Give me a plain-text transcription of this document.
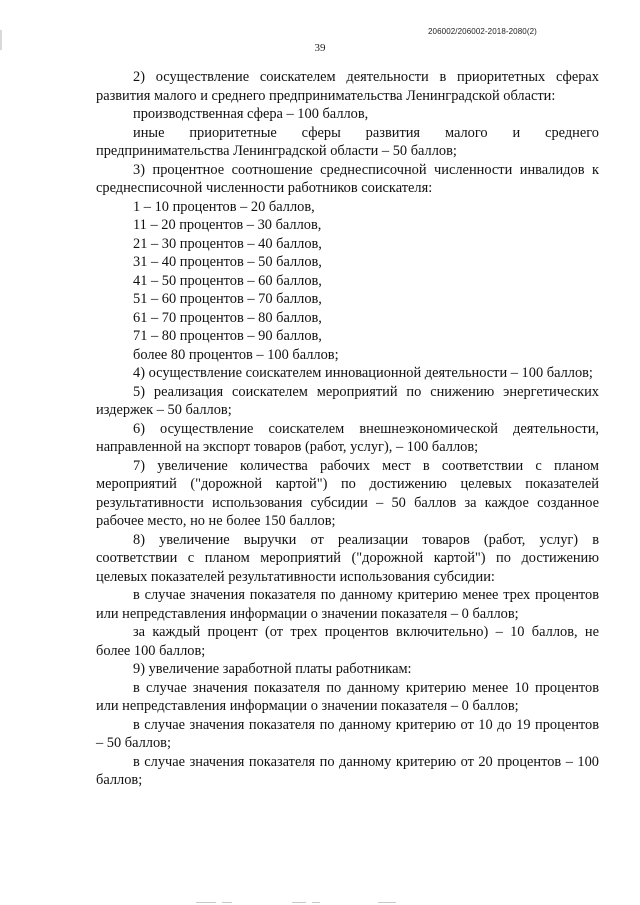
206002/206002-2018-2080(2)
39

2) осуществление соискателем деятельности в приоритетных сферах развития малого и среднего предпринимательства Ленинградской области:

производственная сфера – 100 баллов,

иные приоритетные сферы развития малого и среднего предпринимательства Ленинградской области – 50 баллов;

3) процентное соотношение среднесписочной численности инвалидов к среднесписочной численности работников соискателя:

1 – 10 процентов – 20 баллов,

11 – 20 процентов – 30 баллов,

21 – 30 процентов – 40 баллов,

31 – 40 процентов – 50 баллов,

41 – 50 процентов – 60 баллов,

51 – 60 процентов – 70 баллов,

61 – 70 процентов – 80 баллов,

71 – 80 процентов – 90 баллов,

более 80 процентов – 100 баллов;

4) осуществление соискателем инновационной деятельности – 100 баллов;

5) реализация соискателем мероприятий по снижению энергетических издержек – 50 баллов;

6) осуществление соискателем внешнеэкономической деятельности, направленной на экспорт товаров (работ, услуг), – 100 баллов;

7) увеличение количества рабочих мест в соответствии с планом мероприятий ("дорожной картой") по достижению целевых показателей результативности использования субсидии – 50 баллов за каждое созданное рабочее место, но не более 150 баллов;

8) увеличение выручки от реализации товаров (работ, услуг) в соответствии с планом мероприятий ("дорожной картой") по достижению целевых показателей результативности использования субсидии:

в случае значения показателя по данному критерию менее трех процентов или непредставления информации о значении показателя – 0 баллов;

за каждый процент (от трех процентов включительно) – 10 баллов, не более 100 баллов;

9) увеличение заработной платы работникам:

в случае значения показателя по данному критерию менее 10 процентов или непредставления информации о значении показателя – 0 баллов;

в случае значения показателя по данному критерию от 10 до 19 процентов – 50 баллов;

в случае значения показателя по данному критерию от 20 процентов – 100 баллов;
